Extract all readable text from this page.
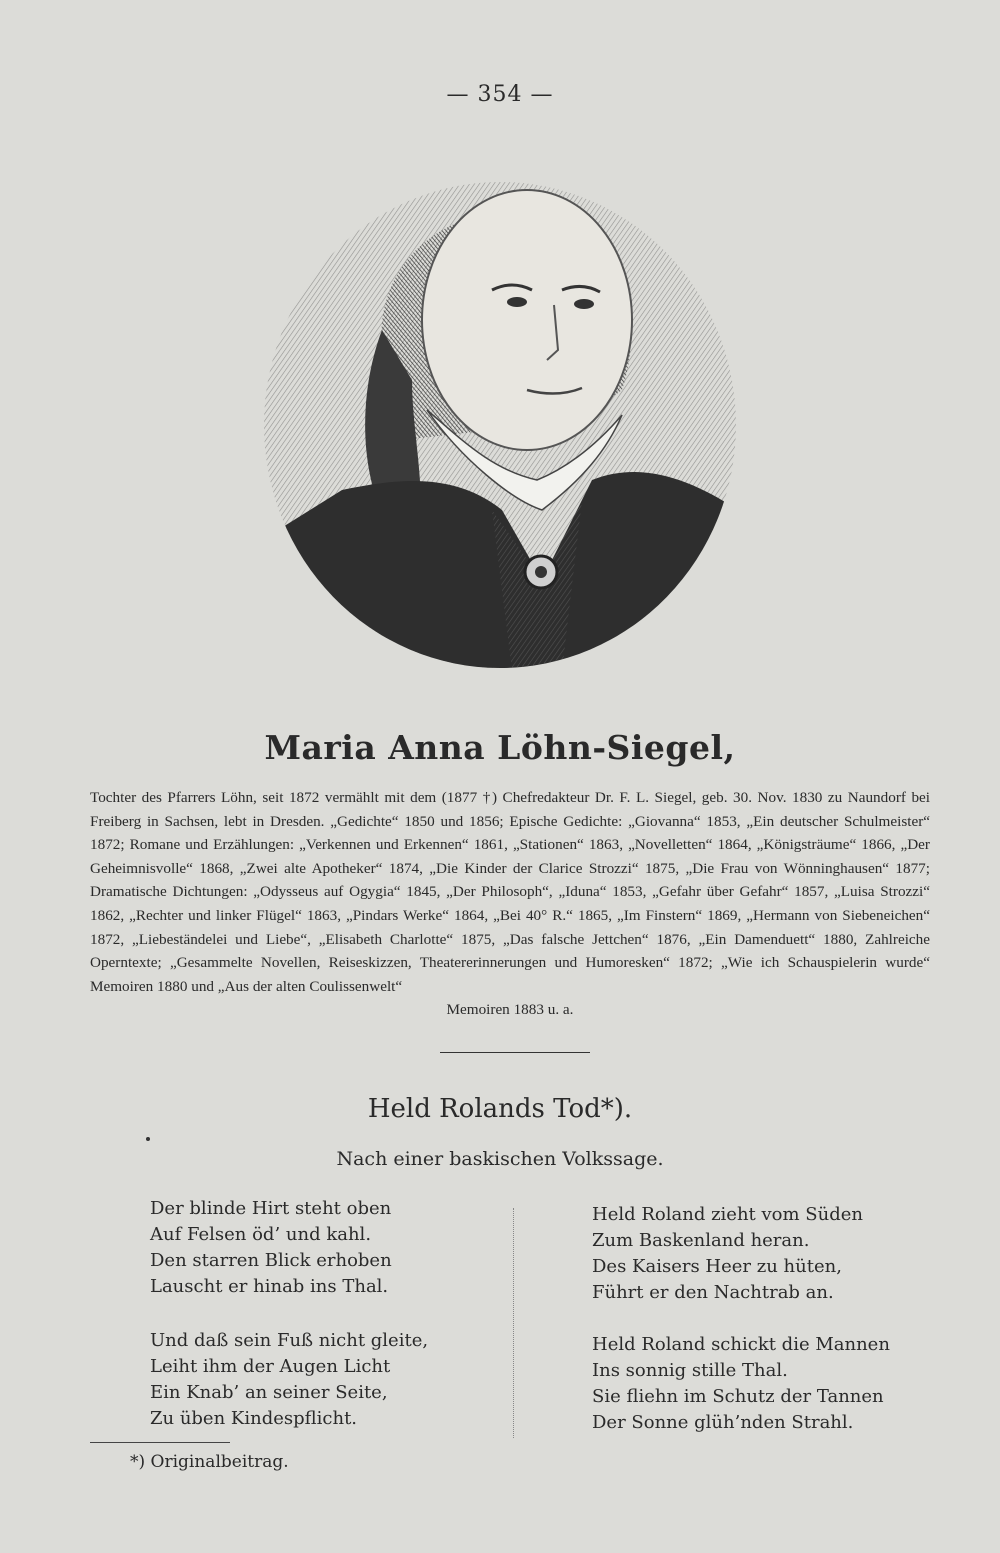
— 354 —
Maria Anna Löhn-Siegel,
Tochter des Pfarrers Löhn, seit 1872 vermählt mit dem (1877 †) Chefredakteur Dr. F. L. Siegel, geb. 30. Nov. 1830 zu Naundorf bei Freiberg in Sachsen, lebt in Dresden. „Gedichte“ 1850 und 1856; Epische Gedichte: „Giovanna“ 1853, „Ein deutscher Schulmeister“ 1872; Romane und Erzählungen: „Verkennen und Erkennen“ 1861, „Stationen“ 1863, „Novelletten“ 1864, „Königsträume“ 1866, „Der Geheimnisvolle“ 1868, „Zwei alte Apotheker“ 1874, „Die Kinder der Clarice Strozzi“ 1875, „Die Frau von Wönninghausen“ 1877; Dramatische Dichtungen: „Odysseus auf Ogygia“ 1845, „Der Philosoph“, „Iduna“ 1853, „Gefahr über Gefahr“ 1857, „Luisa Strozzi“ 1862, „Rechter und linker Flügel“ 1863, „Pindars Werke“ 1864, „Bei 40° R.“ 1865, „Im Finstern“ 1869, „Hermann von Siebeneichen“ 1872, „Liebeständelei und Liebe“, „Elisabeth Charlotte“ 1875, „Das falsche Jettchen“ 1876, „Ein Damenduett“ 1880, Zahlreiche Operntexte; „Gesammelte Novellen, Reiseskizzen, Theatererinnerungen und Humoresken“ 1872; „Wie ich Schauspielerin wurde“ Memoiren 1880 und „Aus der alten Coulissenwelt“
Memoiren 1883 u. a.
Held Rolands Tod*).
Nach einer baskischen Volkssage.
Der blinde Hirt steht oben
Auf Felsen öd’ und kahl.
Den starren Blick erhoben
Lauscht er hinab ins Thal.
Held Roland zieht vom Süden
Zum Baskenland heran.
Des Kaisers Heer zu hüten,
Führt er den Nachtrab an.
Und daß sein Fuß nicht gleite,
Leiht ihm der Augen Licht
Ein Knab’ an seiner Seite,
Zu üben Kindespflicht.
Held Roland schickt die Mannen
Ins sonnig stille Thal.
Sie fliehn im Schutz der Tannen
Der Sonne glüh’nden Strahl.
*) Originalbeitrag.
